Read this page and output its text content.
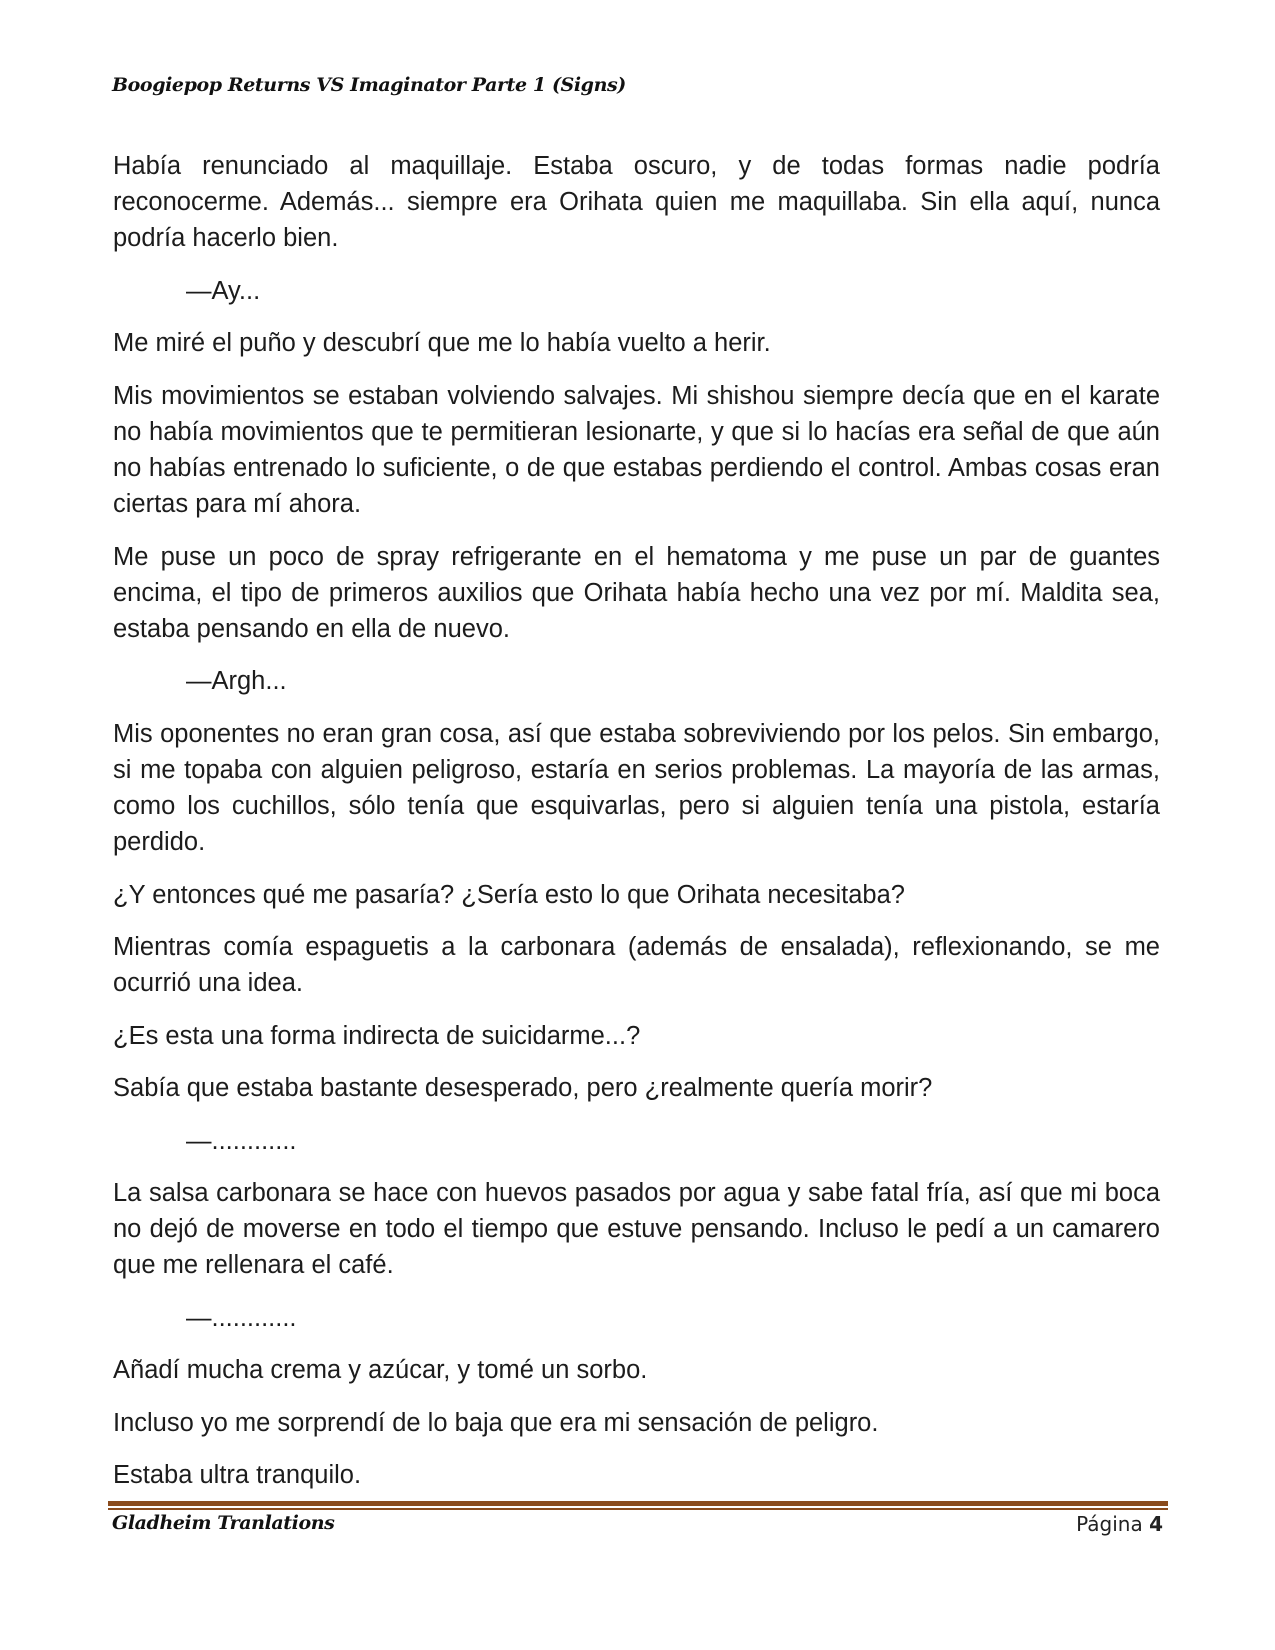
Boogiepop Returns VS Imaginator Parte 1 (Signs)

Había renunciado al maquillaje. Estaba oscuro, y de todas formas nadie podría reconocerme. Además... siempre era Orihata quien me maquillaba. Sin ella aquí, nunca podría hacerlo bien.

—Ay...

Me miré el puño y descubrí que me lo había vuelto a herir.

Mis movimientos se estaban volviendo salvajes. Mi shishou siempre decía que en el karate no había movimientos que te permitieran lesionarte, y que si lo hacías era señal de que aún no habías entrenado lo suficiente, o de que estabas perdiendo el control. Ambas cosas eran ciertas para mí ahora.

Me puse un poco de spray refrigerante en el hematoma y me puse un par de guantes encima, el tipo de primeros auxilios que Orihata había hecho una vez por mí. Maldita sea, estaba pensando en ella de nuevo.

—Argh...

Mis oponentes no eran gran cosa, así que estaba sobreviviendo por los pelos. Sin embargo, si me topaba con alguien peligroso, estaría en serios problemas. La mayoría de las armas, como los cuchillos, sólo tenía que esquivarlas, pero si alguien tenía una pistola, estaría perdido.

¿Y entonces qué me pasaría? ¿Sería esto lo que Orihata necesitaba?

Mientras comía espaguetis a la carbonara (además de ensalada), reflexionando, se me ocurrió una idea.

¿Es esta una forma indirecta de suicidarme...?

Sabía que estaba bastante desesperado, pero ¿realmente quería morir?

—............

La salsa carbonara se hace con huevos pasados por agua y sabe fatal fría, así que mi boca no dejó de moverse en todo el tiempo que estuve pensando. Incluso le pedí a un camarero que me rellenara el café.

—............

Añadí mucha crema y azúcar, y tomé un sorbo.

Incluso yo me sorprendí de lo baja que era mi sensación de peligro.

Estaba ultra tranquilo.

Gladheim Tranlations	Página 4
